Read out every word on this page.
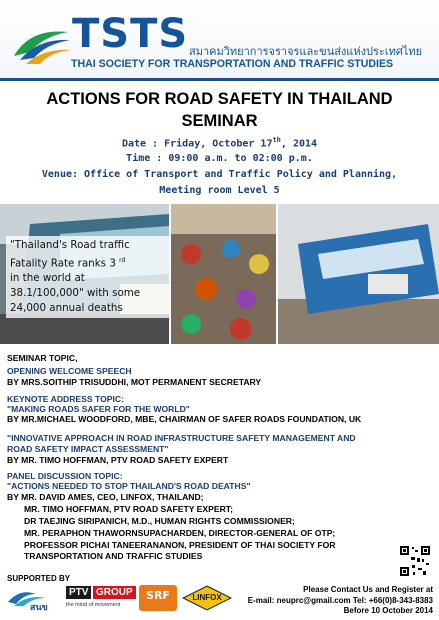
TSTS สมาคมวิทยาการจราจรและขนส่งแห่งประเทศไทย
THAI SOCIETY FOR TRANSPORTATION AND TRAFFIC STUDIES
ACTIONS FOR ROAD SAFETY IN THAILAND
SEMINAR
Date : Friday, October 17th, 2014
Time : 09:00 a.m. to 02:00 p.m.
Venue: Office of Transport and Traffic Policy and Planning,
Meeting room Level 5
"Thailand's Road traffic
Fatality Rate ranks 3 $^{rd}$
in the world at
38.1/100,000" with some
24,000 annual deaths
SEMINAR TOPIC,
OPENING WELCOME SPEECH
BY MRS.SOITHIP TRISUDDHI, MOT PERMANENT SECRETARY
KEYNOTE ADDRESS TOPIC:
"MAKING ROADS SAFER FOR THE WORLD"
BY MR.MICHAEL WOODFORD, MBE, CHAIRMAN OF SAFER ROADS FOUNDATION, UK
"INNOVATIVE APPROACH IN ROAD INFRASTRUCTURE SAFETY MANAGEMENT AND
ROAD SAFETY IMPACT ASSESSMENT"
BY MR. TIMO HOFFMAN, PTV ROAD SAFETY EXPERT
PANEL DISCUSSION TOPIC:
"ACTIONS NEEDED TO STOP THAILAND'S ROAD DEATHS"
BY MR. DAVID AMES, CEO, LINFOX, THAILAND;
MR. TIMO HOFFMAN, PTV ROAD SAFETY EXPERT;
DR TAEJING SIRIPANICH, M.D., HUMAN RIGHTS COMMISSIONER;
MR. PERAPHON THAWORNSUPACHARDEN, DIRECTOR-GENERAL OF OTP;
PROFESSOR PICHAI TANEERANANON, PRESIDENT OF THAI SOCIETY FOR
TRANSPORTATION AND TRAFFIC STUDIES
SUPPORTED BY
สนข
PTV GROUP
the mind of movement
SRF	LINFOX
Please Contact Us and Register at
E-mail: neuprc@gmail.com Tel: +66(0)8-343-8383
Before 10 October 2014
